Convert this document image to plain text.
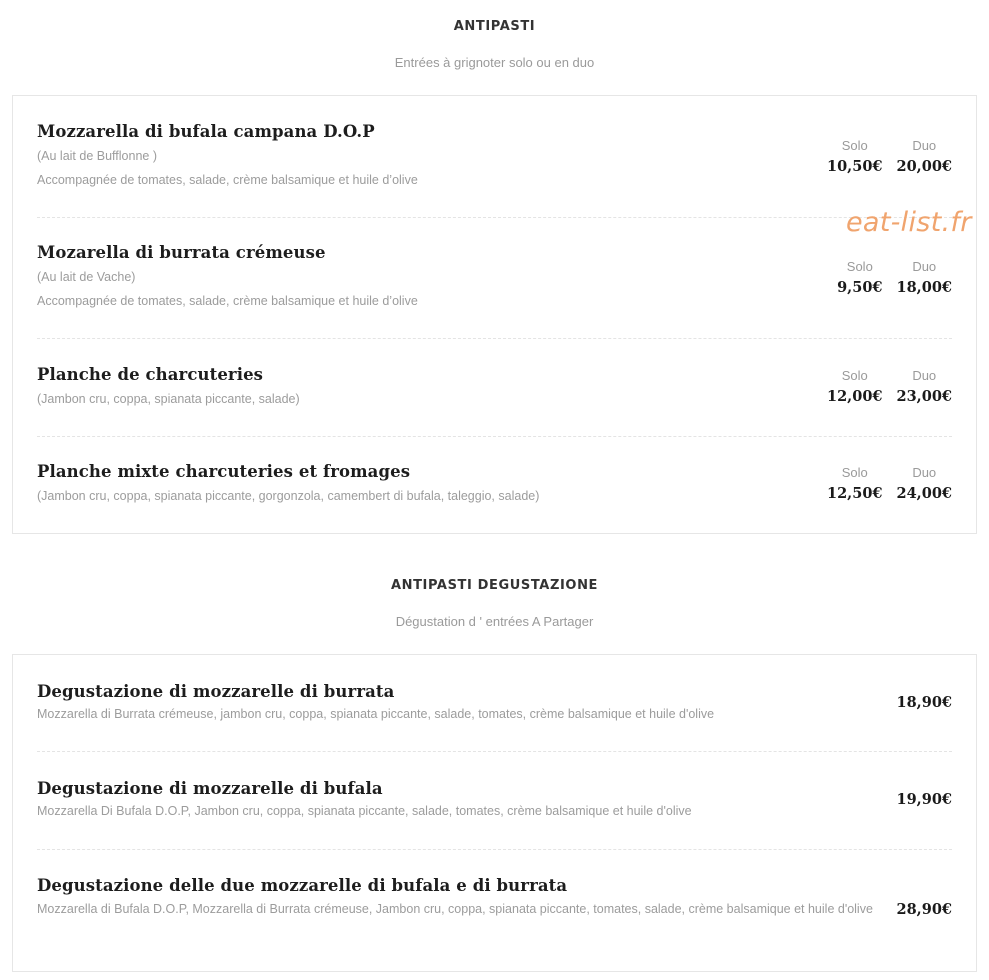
ANTIPASTI
Entrées à grignoter solo ou en duo
Mozzarella di bufala campana D.O.P
(Au lait de Bufflonne )
Accompagnée de tomates, salade, crème balsamique et huile d’olive
Solo
10,50€
Duo
20,00€
Mozarella di burrata crémeuse
(Au lait de Vache)
Accompagnée de tomates, salade, crème balsamique et huile d’olive
Solo
9,50€
Duo
18,00€
Planche de charcuteries
(Jambon cru, coppa, spianata piccante, salade)
Solo
12,00€
Duo
23,00€
Planche mixte charcuteries et fromages
(Jambon cru, coppa, spianata piccante, gorgonzola, camembert di bufala, taleggio, salade)
Solo
12,50€
Duo
24,00€
eat-list.fr
ANTIPASTI DEGUSTAZIONE
Dégustation d ' entrées A Partager
Degustazione di mozzarelle di burrata
Mozzarella di Burrata crémeuse, jambon cru, coppa, spianata piccante, salade, tomates, crème balsamique et huile d'olive
18,90€
Degustazione di mozzarelle di bufala
Mozzarella Di Bufala D.O.P, Jambon cru, coppa, spianata piccante, salade, tomates, crème balsamique et huile d'olive
19,90€
Degustazione delle due mozzarelle di bufala e di burrata
Mozzarella di Bufala D.O.P, Mozzarella di Burrata crémeuse, Jambon cru, coppa, spianata piccante, tomates, salade, crème balsamique et huile d'olive	28,90€
